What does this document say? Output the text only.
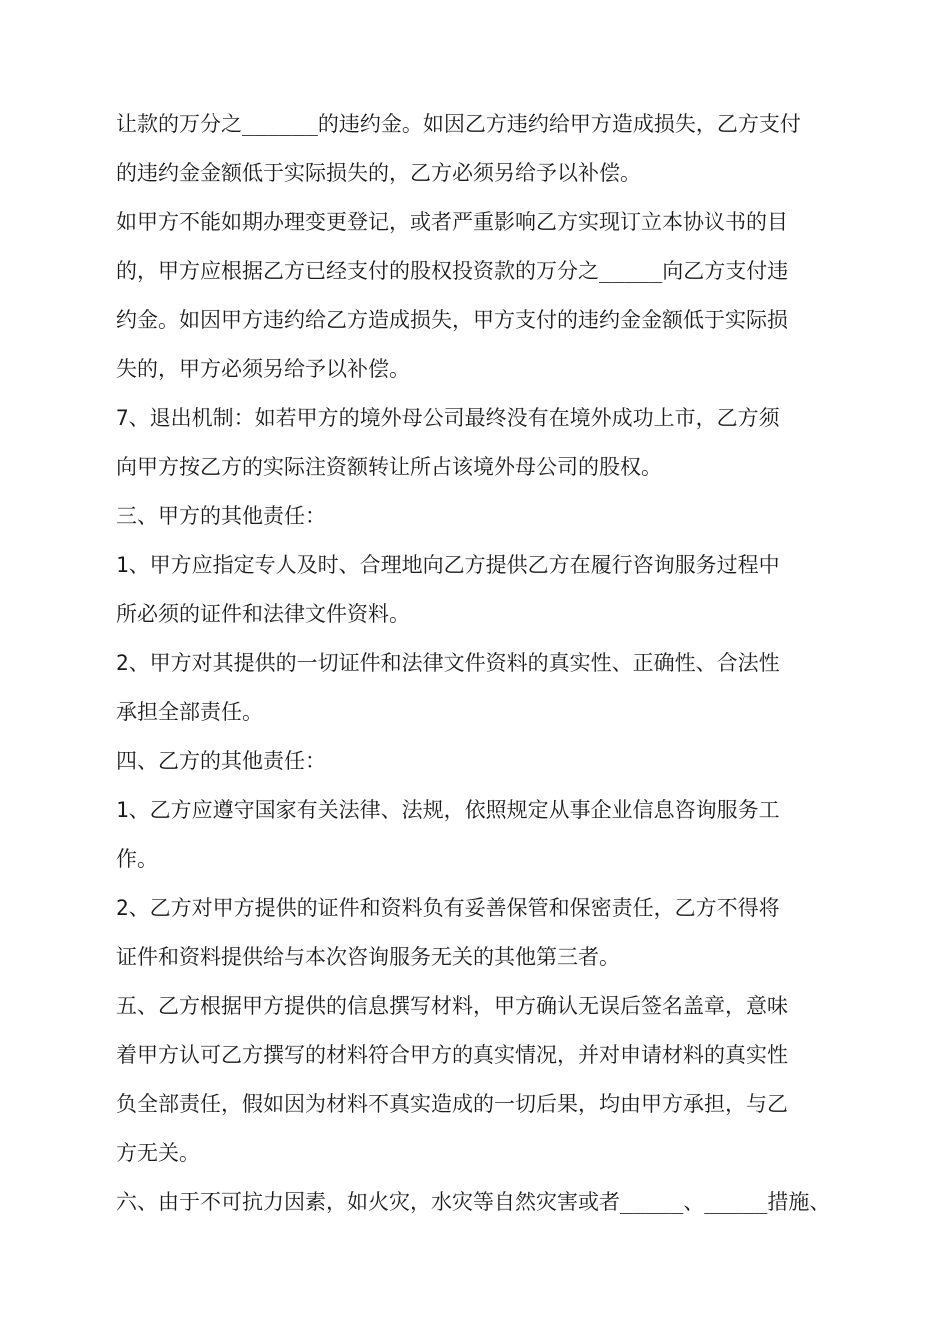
让款的万分之______的违约金。如因乙方违约给甲方造成损失，乙方支付

的违约金金额低于实际损失的，乙方必须另给予以补偿。

如甲方不能如期办理变更登记，或者严重影响乙方实现订立本协议书的目

的，甲方应根据乙方已经支付的股权投资款的万分之_____向乙方支付违

约金。如因甲方违约给乙方造成损失，甲方支付的违约金金额低于实际损

失的，甲方必须另给予以补偿。

7、退出机制：如若甲方的境外母公司最终没有在境外成功上市，乙方须

向甲方按乙方的实际注资额转让所占该境外母公司的股权。

三、甲方的其他责任：

1、甲方应指定专人及时、合理地向乙方提供乙方在履行咨询服务过程中

所必须的证件和法律文件资料。

2、甲方对其提供的一切证件和法律文件资料的真实性、正确性、合法性

承担全部责任。

四、乙方的其他责任：

1、乙方应遵守国家有关法律、法规，依照规定从事企业信息咨询服务工

作。

2、乙方对甲方提供的证件和资料负有妥善保管和保密责任，乙方不得将

证件和资料提供给与本次咨询服务无关的其他第三者。

五、乙方根据甲方提供的信息撰写材料，甲方确认无误后签名盖章，意味

着甲方认可乙方撰写的材料符合甲方的真实情况，并对申请材料的真实性

负全部责任，假如因为材料不真实造成的一切后果，均由甲方承担，与乙

方无关。

六、由于不可抗力因素，如火灾，水灾等自然灾害或者_____、_____措施、
